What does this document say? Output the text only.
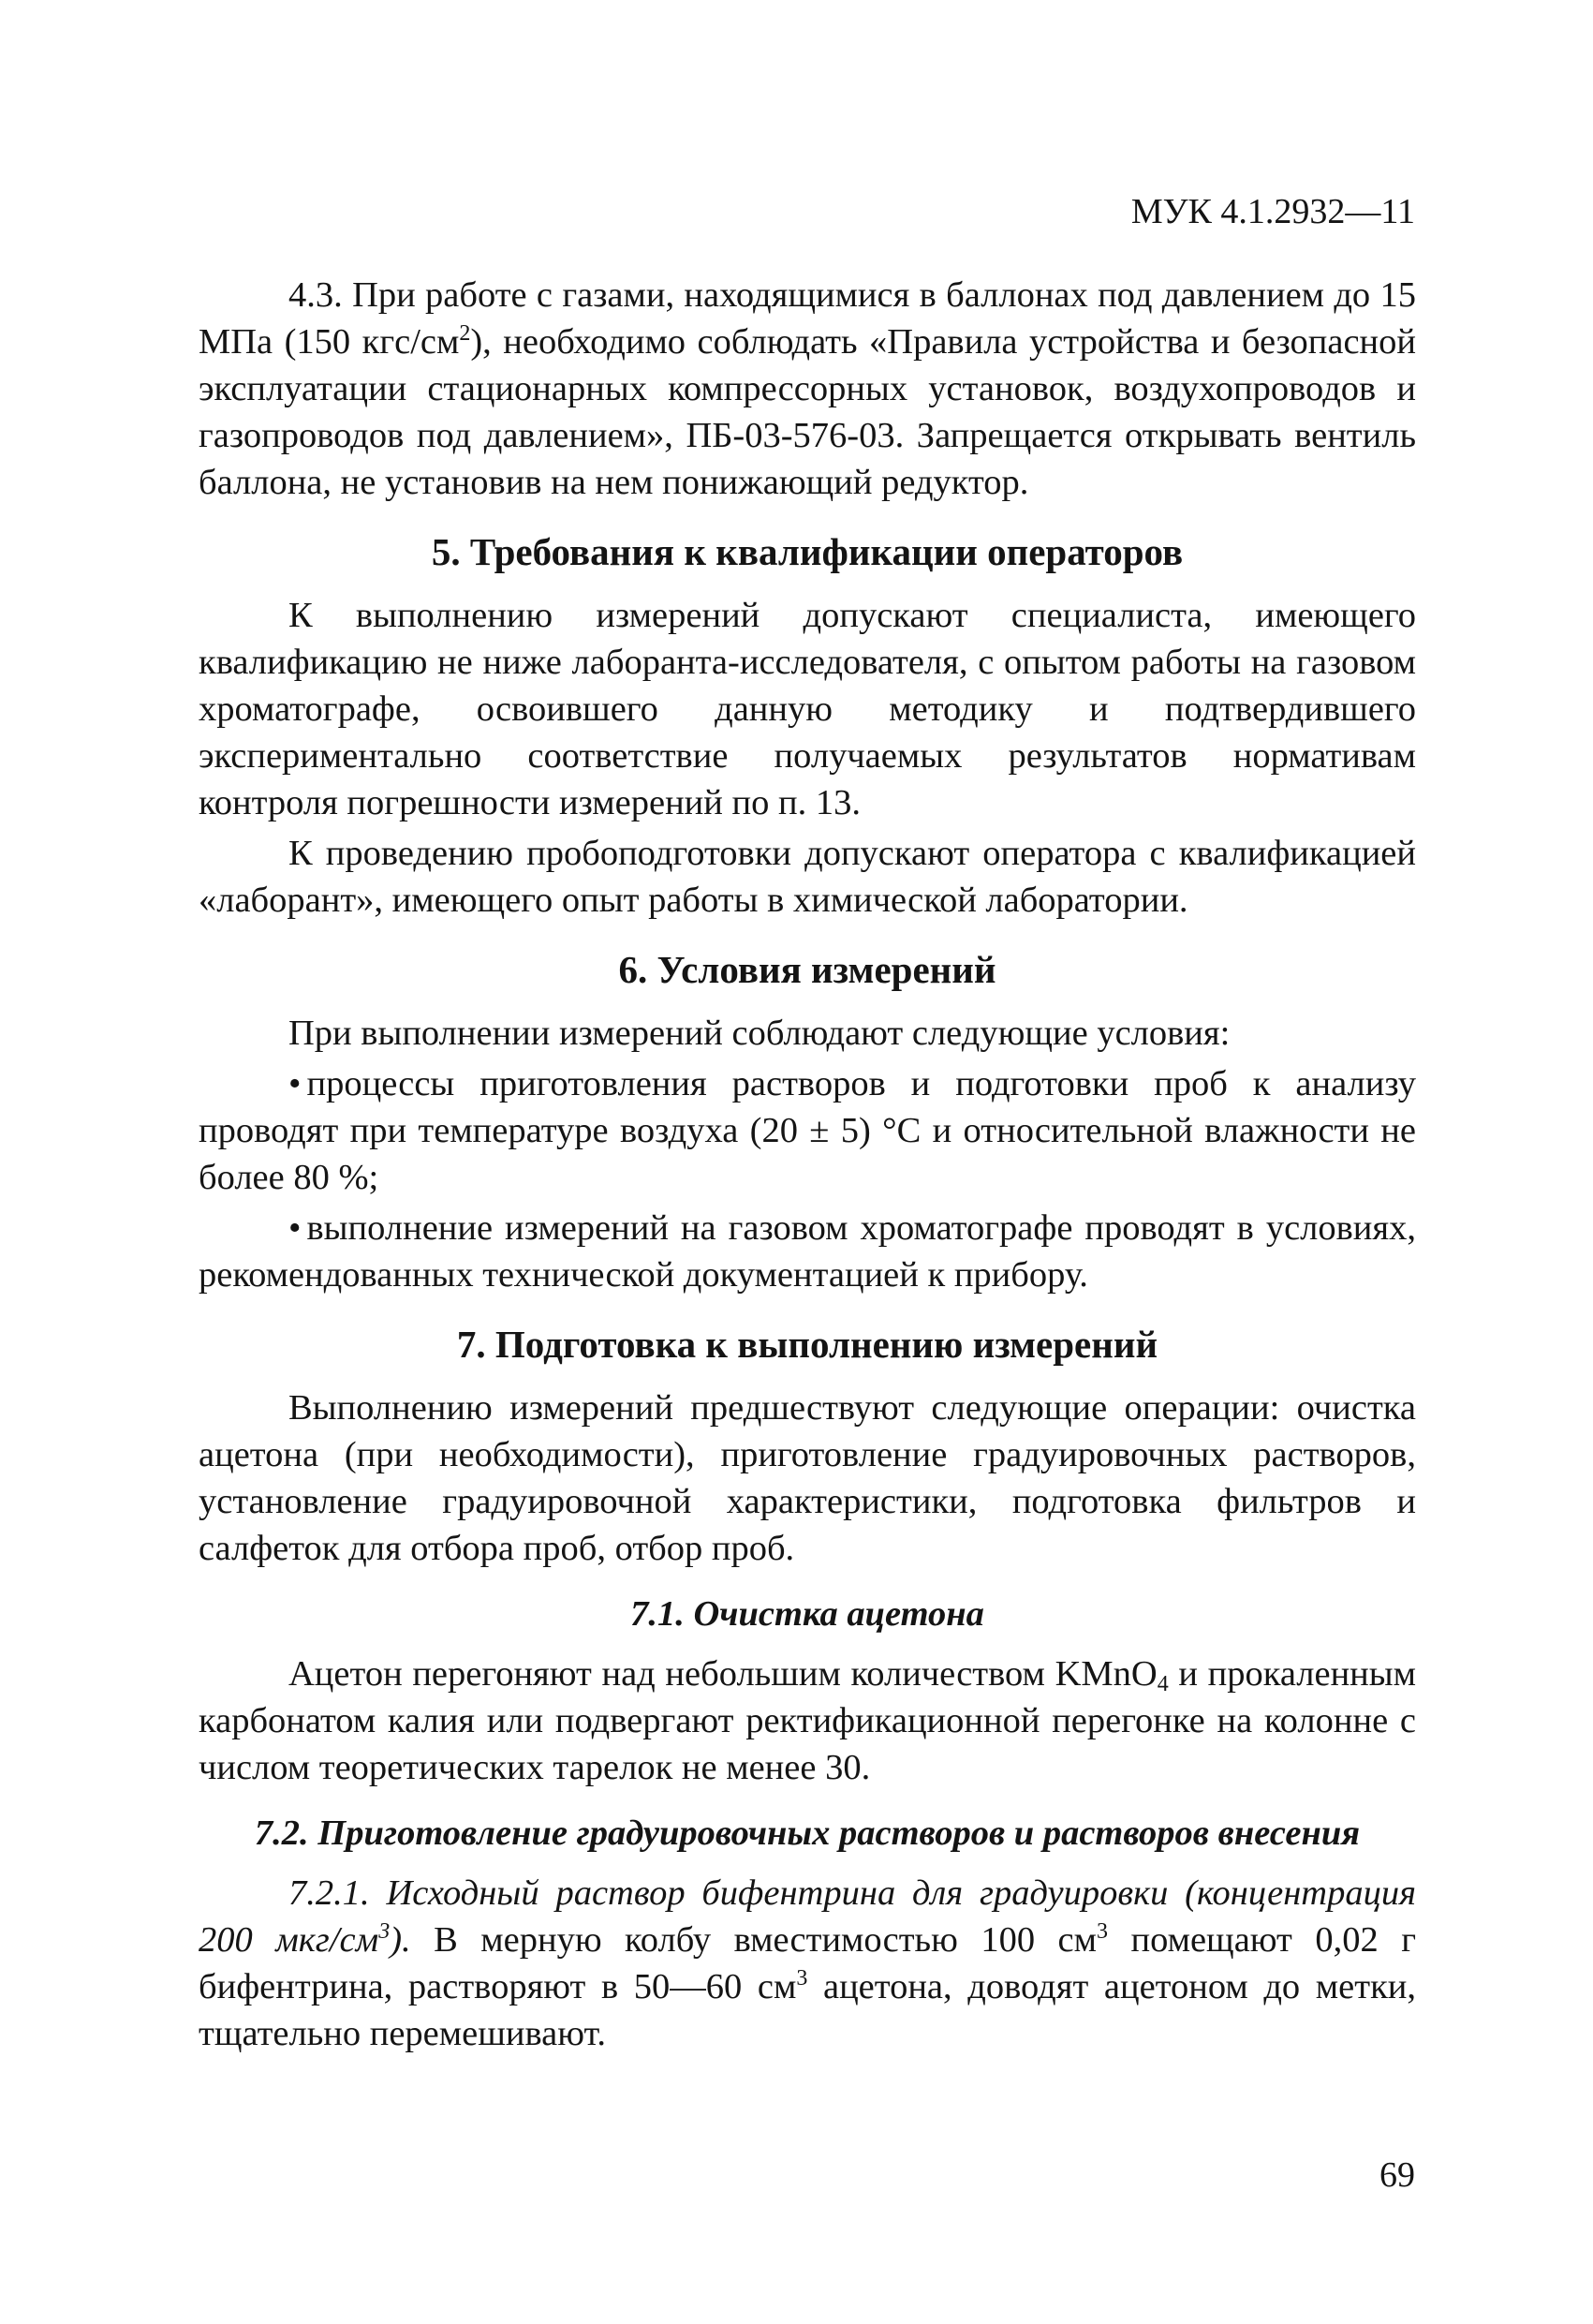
МУК 4.1.2932—11

4.3. При работе с газами, находящимися в баллонах под давлением до 15 МПа (150 кгс/$см^2$), необходимо соблюдать «Правила устройства и безопасной эксплуатации стационарных компрессорных установок, воздухопроводов и газопроводов под давлением», ПБ-03-576-03. Запрещается открывать вентиль баллона, не установив на нем понижающий редуктор.

5. Требования к квалификации операторов

К выполнению измерений допускают специалиста, имеющего квалификацию не ниже лаборанта-исследователя, с опытом работы на газовом хроматографе, освоившего данную методику и подтвердившего экспериментально соответствие получаемых результатов нормативам контроля погрешности измерений по п. 13.

К проведению пробоподготовки допускают оператора с квалификацией «лаборант», имеющего опыт работы в химической лаборатории.

6. Условия измерений

При выполнении измерений соблюдают следующие условия:

• процессы приготовления растворов и подготовки проб к анализу проводят при температуре воздуха (20 ± 5) °С и относительной влажности не более 80 %;

• выполнение измерений на газовом хроматографе проводят в условиях, рекомендованных технической документацией к прибору.

7. Подготовка к выполнению измерений

Выполнению измерений предшествуют следующие операции: очистка ацетона (при необходимости), приготовление градуировочных растворов, установление градуировочной характеристики, подготовка фильтров и салфеток для отбора проб, отбор проб.

7.1. Очистка ацетона

Ацетон перегоняют над небольшим количеством KMnO$_4$ и прокаленным карбонатом калия или подвергают ректификационной перегонке на колонне с числом теоретических тарелок не менее 30.

7.2. Приготовление градуировочных растворов и растворов внесения

7.2.1. Исходный раствор бифентрина для градуировки (концентрация 200 мкг/$см^3$). В мерную колбу вместимостью 100 $см^3$ помещают 0,02 г бифентрина, растворяют в 50—60 $см^3$ ацетона, доводят ацетоном до метки, тщательно перемешивают.

69
